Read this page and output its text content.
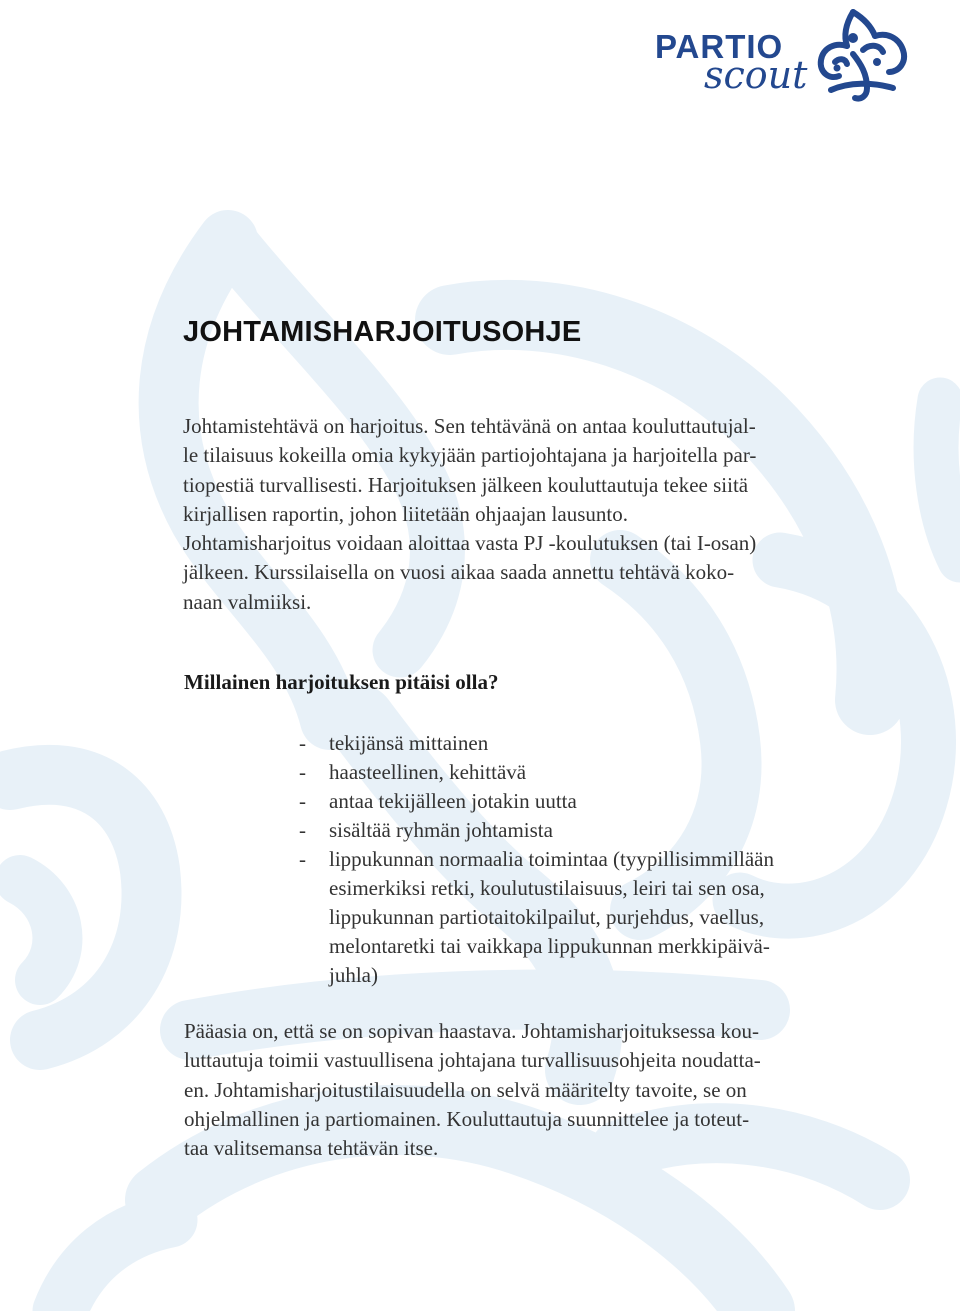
PARTIO
scout
JOHTAMISHARJOITUSOHJE
Johtamistehtävä on harjoitus. Sen tehtävänä on antaa kouluttautujal-
le tilaisuus kokeilla omia kykyjään partiojohtajana ja harjoitella par-
tiopestiä turvallisesti. Harjoituksen jälkeen kouluttautuja tekee siitä
kirjallisen raportin, johon liitetään ohjaajan lausunto.
Johtamisharjoitus voidaan aloittaa vasta PJ -koulutuksen (tai I-osan)
jälkeen. Kurssilaisella on vuosi aikaa saada annettu tehtävä koko-
naan valmiiksi.
Millainen harjoituksen pitäisi olla?
- tekijänsä mittainen
- haasteellinen, kehittävä
- antaa tekijälleen jotakin uutta
- sisältää ryhmän johtamista
- lippukunnan normaalia toimintaa (tyypillisimmillään
esimerkiksi retki, koulutustilaisuus, leiri tai sen osa,
lippukunnan partiotaitokilpailut, purjehdus, vaellus,
melontaretki tai vaikkapa lippukunnan merkkipäivä-
juhla)
Pääasia on, että se on sopivan haastava. Johtamisharjoituksessa kou-
luttautuja toimii vastuullisena johtajana turvallisuusohjeita noudatta-
en. Johtamisharjoitustilaisuudella on selvä määritelty tavoite, se on
ohjelmallinen ja partiomainen. Kouluttautuja suunnittelee ja toteut-
taa valitsemansa tehtävän itse.
